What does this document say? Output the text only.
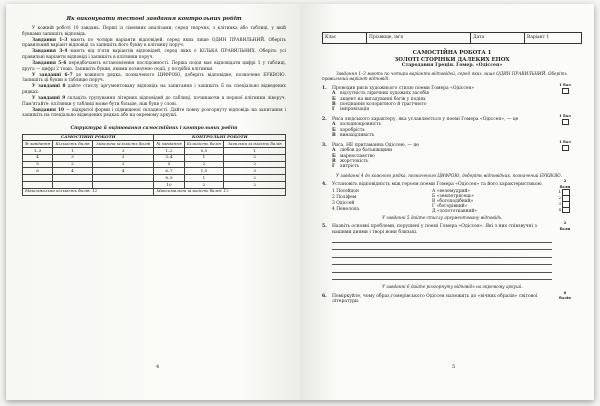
Як виконувати тестові завдання контрольних робіт
У кожній роботі 10 завдань. Перші із сімовних аналізами, серед творчих, з клітинка або таблиці, у якій буквами запишіть відповідь.
Завдання 1–3 мають по чотири варіанти відповідей, серед яких лише ОДИН ПРАВИЛЬНИЙ. Оберіть правильний варіант відповіді та запишіть його букву в клітинку поруч.
Завдання 3–4 мають від п'яти варіантів відповідей, серед яких є КІЛЬКА ПРАВИЛЬНИХ. Оберіть усі правильні варіанти відповіді і запишіть в клітинки поруч.
Завдання 5–6 передбачають встановлення послідовності. Перша подія має відповідати цифрі 1 у таблиці, друга — цифрі 2 тощо. Запишіть букви, якими позначено події, у потрібні клітинки.
У завданні 6–7 до кожного рядка, позначеного ЦИФРОЮ, доберіть відповідне, позначене БУКВОЮ. Запишіть ці букви в таблицю поруч.
У завданні 8 дайте стислу аргументовану відповідь на запитання і запишіть її на спеціально відведених рядках.
У завданні 9 складіть групування літерних відповідей до таблиці, починаючи в першої клітинки ліворуч. Пам'ятайте: клітинки у таблиці може бути більше, ніж букв у слові.
Завдання 10 — відкритої форми і підвищеної складності. Дайте повну розгорнуту відповідь на запитання і запишіть на спеціально відведених рядках або на окремому аркуші.
Структура й оцінювання самостійних і контрольних робіт
САМОСТІЙНІ РОБОТИ			КОНТРОЛЬНІ РОБОТИ		
№ завдання	Кількість балів	Загальна кількість балів	№ завдання	Кількість балів	Загальна кількість балів
1–3	1	3	1–2	0,5	1
4	3	3	3–4	1	2
5	2	2	5	2	2
6	4	4	6–7	1,5	3
			8–9	1	2
			10	2	2
Максимальна кількість балів: 12			Максимальна кількість балів: 12		
4
Клас	Прізвище, ім'я	Дата	Варіант 1
САМОСТІЙНА РОБОТА 1
ЗОЛОТІ СТОРІНКИ ДАЛЕКИХ ЕПОХ
Стародавня Греція. Гомер. «Одіссея»
Завдання 1–3 мають по чотири варіанти відповідей, серед яких лише ОДИН ПРАВИЛЬНИЙ. Оберіть правильний варіант відповіді.
1. Проводив риси художнього стилю поеми Гомера «Одіссея»
1 бал
А відсутність ліричних художніх засобів
Б акцент на вигадуванні богів у подіях
В поєднання колоритного й трагічного
Г імпровізація
2. Риса людського характеру, яка уславлюється у поемі Гомера «Одіссея», — це
1 бал
А холоднокровність
Б хоробрість
В винахідливість
3. Риса, НЕ притаманна Одіссею, — це
1 бал
А любов до батьківщини
Б марнославство
В жорстокість
Г хитрість
У завданні 4 до кожного рядка, позначеного ЦИФРОЮ, доберіть відповідник, позначений БУКВОЮ.
4. Установіть відповідність між героєм поеми Гомера «Одіссея» та його характеристикою.
2 бали
1 Посейдон
2 Поліфем
3 Одіссей
4 Пенелопа
А «велемудрий»
Б «землетрясець»
В «богоподібний»
Г «богорівний»
Д «золототкавний»
1
2
3
4
У завданні 5 дайте стислу аргументовану відповідь.
5. Назвіть основні проблеми, порушені у поемі Гомера «Одіссея». Які з них співзвучні з нашими днями і творі вони близькі.
2 бали
У завданні 6 дайте розгорнуту відповідь на окремому аркуші.
6. Поміркуйте, чому образ гомерівського Одіссея належить до «вічних образів» світової літератури.
6 балів
5
